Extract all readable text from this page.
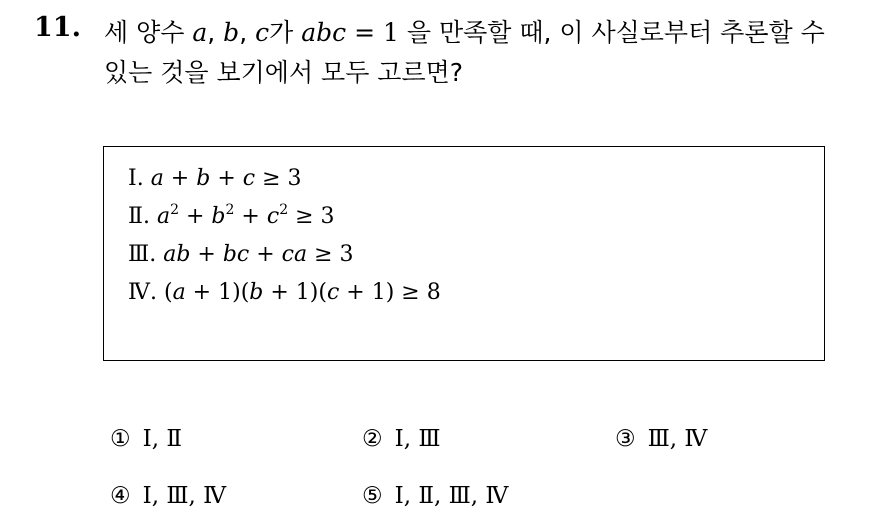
11. 세 양수 a, b, c가 abc = 1 을 만족할 때, 이 사실로부터 추론할 수
있는 것을 보기에서 모두 고르면?
Ⅰ. a + b + c ≥ 3
Ⅱ. $a^2 + b^2 + c^2 \ge 3$
Ⅲ. ab + bc + ca ≥ 3
Ⅳ. (a + 1)(b + 1)(c + 1) ≥ 8
① Ⅰ, Ⅱ	② Ⅰ, Ⅲ	③ Ⅲ, Ⅳ
④ Ⅰ, Ⅲ, Ⅳ	⑤ Ⅰ, Ⅱ, Ⅲ, Ⅳ
